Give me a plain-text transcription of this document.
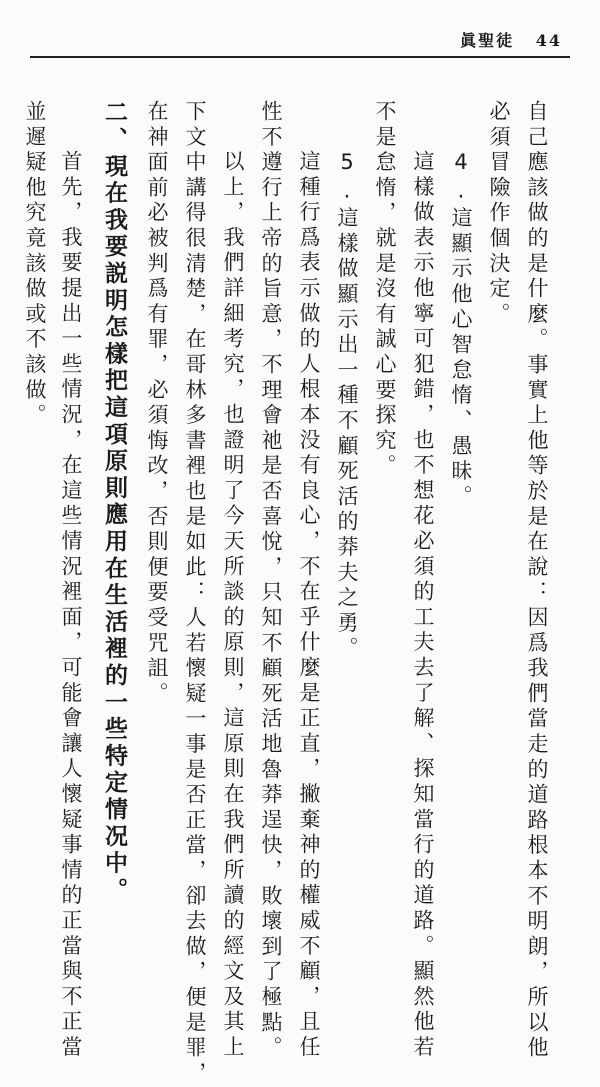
眞聖徒 44
自己應該做的是什麼。事實上他等於是在說：因爲我們當走的道路根本不明朗，所以他
必須冒險作個決定。
4.這顯示他心智怠惰、愚昧。
這樣做表示他寧可犯錯，也不想花必須的工夫去了解、探知當行的道路。顯然他若
不是怠惰，就是沒有誠心要探究。
5.這樣做顯示出一種不顧死活的莽夫之勇。
這種行爲表示做的人根本没有良心，不在乎什麼是正直，撇棄神的權威不顧，且任
性不遵行上帝的旨意，不理會祂是否喜悅，只知不顧死活地魯莽逞快，敗壞到了極點。
以上，我們詳細考究，也證明了今天所談的原則，這原則在我們所讀的經文及其上
下文中講得很清楚，在哥林多書裡也是如此：人若懷疑一事是否正當，卻去做，便是罪，
在神面前必被判爲有罪，必須悔改，否則便要受咒詛。
二、現在我要説明怎樣把這項原則應用在生活裡的一些特定情况中。
首先，我要提出一些情況，在這些情況裡面，可能會讓人懷疑事情的正當與不正當
並遲疑他究竟該做或不該做。
